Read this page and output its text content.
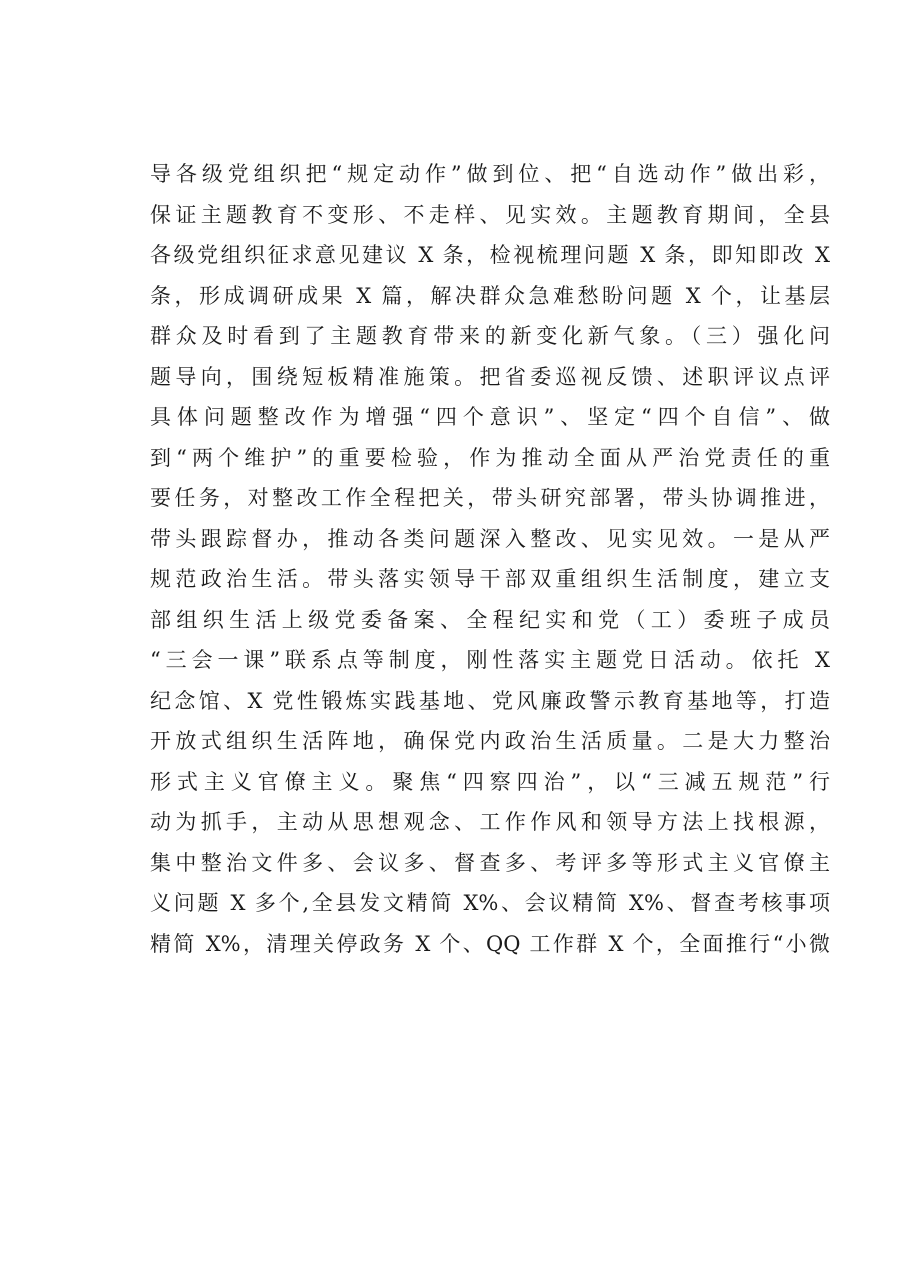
导各级党组织把“规定动作”做到位、把“自选动作”做出彩，
保证主题教育不变形、不走样、见实效。主题教育期间，全县
各级党组织征求意见建议 X 条，检视梳理问题 X 条，即知即改 X
条，形成调研成果 X 篇，解决群众急难愁盼问题 X 个，让基层
群众及时看到了主题教育带来的新变化新气象。（三）强化问
题导向，围绕短板精准施策。把省委巡视反馈、述职评议点评
具体问题整改作为增强“四个意识”、坚定“四个自信”、做
到“两个维护”的重要检验，作为推动全面从严治党责任的重
要任务，对整改工作全程把关，带头研究部署，带头协调推进，
带头跟踪督办，推动各类问题深入整改、见实见效。一是从严
规范政治生活。带头落实领导干部双重组织生活制度，建立支
部组织生活上级党委备案、全程纪实和党（工）委班子成员
“三会一课”联系点等制度，刚性落实主题党日活动。依托 X
纪念馆、X 党性锻炼实践基地、党风廉政警示教育基地等，打造
开放式组织生活阵地，确保党内政治生活质量。二是大力整治
形式主义官僚主义。聚焦“四察四治”，以“三减五规范”行
动为抓手，主动从思想观念、工作作风和领导方法上找根源，
集中整治文件多、会议多、督查多、考评多等形式主义官僚主
义问题 X 多个,全县发文精简 X%、会议精简 X%、督查考核事项
精简 X%，清理关停政务 X 个、QQ 工作群 X 个，全面推行“小微
